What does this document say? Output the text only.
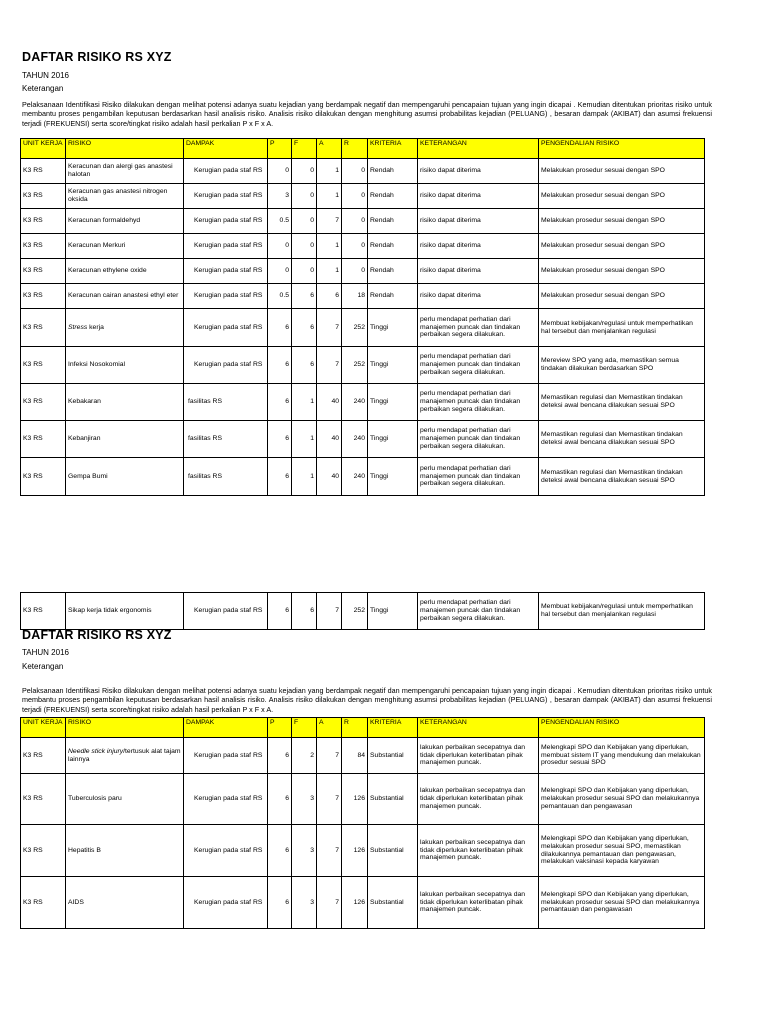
DAFTAR RISIKO RS XYZ
TAHUN 2016
Keterangan
Pelaksanaan Identifikasi Risiko dilakukan dengan melihat potensi adanya suatu kejadian yang berdampak negatif dan mempengaruhi pencapaian tujuan yang ingin dicapai . Kemudian ditentukan prioritas risiko untuk membantu proses pengambilan keputusan berdasarkan hasil analisis risiko. Analisis risiko dilakukan dengan menghitung asumsi probabilitas kejadian (PELUANG) , besaran dampak (AKIBAT) dan asumsi frekuensi terjadi (FREKUENSI) serta score/tingkat risiko adalah hasil perkalian P x F x A.
UNIT KERJA	RISIKO	DAMPAK	P	F	A	R	KRITERIA	KETERANGAN	PENGENDALIAN RISIKO
K3 RS	Keracunan dan alergi gas anastesi halotan	Kerugian pada staf RS	0	0	1	0	Rendah	risiko dapat diterima	Melakukan prosedur sesuai dengan SPO
K3 RS	Keracunan gas anastesi nitrogen oksida	Kerugian pada staf RS	3	0	1	0	Rendah	risiko dapat diterima	Melakukan prosedur sesuai dengan SPO
K3 RS	Keracunan formaldehyd	Kerugian pada staf RS	0.5	0	7	0	Rendah	risiko dapat diterima	Melakukan prosedur sesuai dengan SPO
K3 RS	Keracunan Merkuri	Kerugian pada staf RS	0	0	1	0	Rendah	risiko dapat diterima	Melakukan prosedur sesuai dengan SPO
K3 RS	Keracunan ethylene oxide	Kerugian pada staf RS	0	0	1	0	Rendah	risiko dapat diterima	Melakukan prosedur sesuai dengan SPO
K3 RS	Keracunan cairan anastesi ethyl eter	Kerugian pada staf RS	0.5	6	6	18	Rendah	risiko dapat diterima	Melakukan prosedur sesuai dengan SPO
K3 RS	Stress kerja	Kerugian pada staf RS	6	6	7	252	Tinggi	perlu mendapat perhatian dari manajemen puncak dan tindakan perbaikan segera dilakukan.	Membuat kebijakan/regulasi untuk memperhatikan hal tersebut dan menjalankan regulasi
K3 RS	Infeksi Nosokomial	Kerugian pada staf RS	6	6	7	252	Tinggi	perlu mendapat perhatian dari manajemen puncak dan tindakan perbaikan segera dilakukan.	Mereview SPO yang ada, memastikan semua tindakan dilakukan berdasarkan SPO
K3 RS	Kebakaran	fasilitas RS	6	1	40	240	Tinggi	perlu mendapat perhatian dari manajemen puncak dan tindakan perbaikan segera dilakukan.	Memastikan regulasi dan Memastikan tindakan deteksi awal bencana dilakukan sesuai SPO
K3 RS	Kebanjiran	fasilitas RS	6	1	40	240	Tinggi	perlu mendapat perhatian dari manajemen puncak dan tindakan perbaikan segera dilakukan.	Memastikan regulasi dan Memastikan tindakan deteksi awal bencana dilakukan sesuai SPO
K3 RS	Gempa Bumi	fasilitas RS	6	1	40	240	Tinggi	perlu mendapat perhatian dari manajemen puncak dan tindakan perbaikan segera dilakukan.	Memastikan regulasi dan Memastikan tindakan deteksi awal bencana dilakukan sesuai SPO
K3 RS	Sikap kerja tidak ergonomis	Kerugian pada staf RS	6	6	7	252	Tinggi	perlu mendapat perhatian dari manajemen puncak dan tindakan perbaikan segera dilakukan.	Membuat kebijakan/regulasi untuk memperhatikan hal tersebut dan menjalankan regulasi
DAFTAR RISIKO RS XYZ
TAHUN 2016
Keterangan
Pelaksanaan Identifikasi Risiko dilakukan dengan melihat potensi adanya suatu kejadian yang berdampak negatif dan mempengaruhi pencapaian tujuan yang ingin dicapai . Kemudian ditentukan prioritas risiko untuk membantu proses pengambilan keputusan berdasarkan hasil analisis risiko. Analisis risiko dilakukan dengan menghitung asumsi probabilitas kejadian (PELUANG) , besaran dampak (AKIBAT) dan asumsi frekuensi terjadi (FREKUENSI) serta score/tingkat risiko adalah hasil perkalian P x F x A.
UNIT KERJA	RISIKO	DAMPAK	P	F	A	R	KRITERIA	KETERANGAN	PENGENDALIAN RISIKO
K3 RS	Needle stick injury/tertusuk alat tajam lainnya	Kerugian pada staf RS	6	2	7	84	Substantial	lakukan perbaikan secepatnya dan tidak diperlukan keterlibatan pihak manajemen puncak.	Melengkapi SPO dan Kebijakan yang diperlukan, membuat sistem IT yang mendukung dan melakukan prosedur sesuai SPO
K3 RS	Tuberculosis paru	Kerugian pada staf RS	6	3	7	126	Substantial	lakukan perbaikan secepatnya dan tidak diperlukan keterlibatan pihak manajemen puncak.	Melengkapi SPO dan Kebijakan yang diperlukan, melakukan prosedur sesuai SPO dan melakukannya pemantauan dan pengawasan
K3 RS	Hepatitis B	Kerugian pada staf RS	6	3	7	126	Substantial	lakukan perbaikan secepatnya dan tidak diperlukan keterlibatan pihak manajemen puncak.	Melengkapi SPO dan Kebijakan yang diperlukan, melakukan prosedur sesuai SPO, memastikan dilakukannya pemantauan dan pengawasan, melakukan vaksinasi kepada karyawan
K3 RS	AIDS	Kerugian pada staf RS	6	3	7	126	Substantial	lakukan perbaikan secepatnya dan tidak diperlukan keterlibatan pihak manajemen puncak.	Melengkapi SPO dan Kebijakan yang diperlukan, melakukan prosedur sesuai SPO dan melakukannya pemantauan dan pengawasan
